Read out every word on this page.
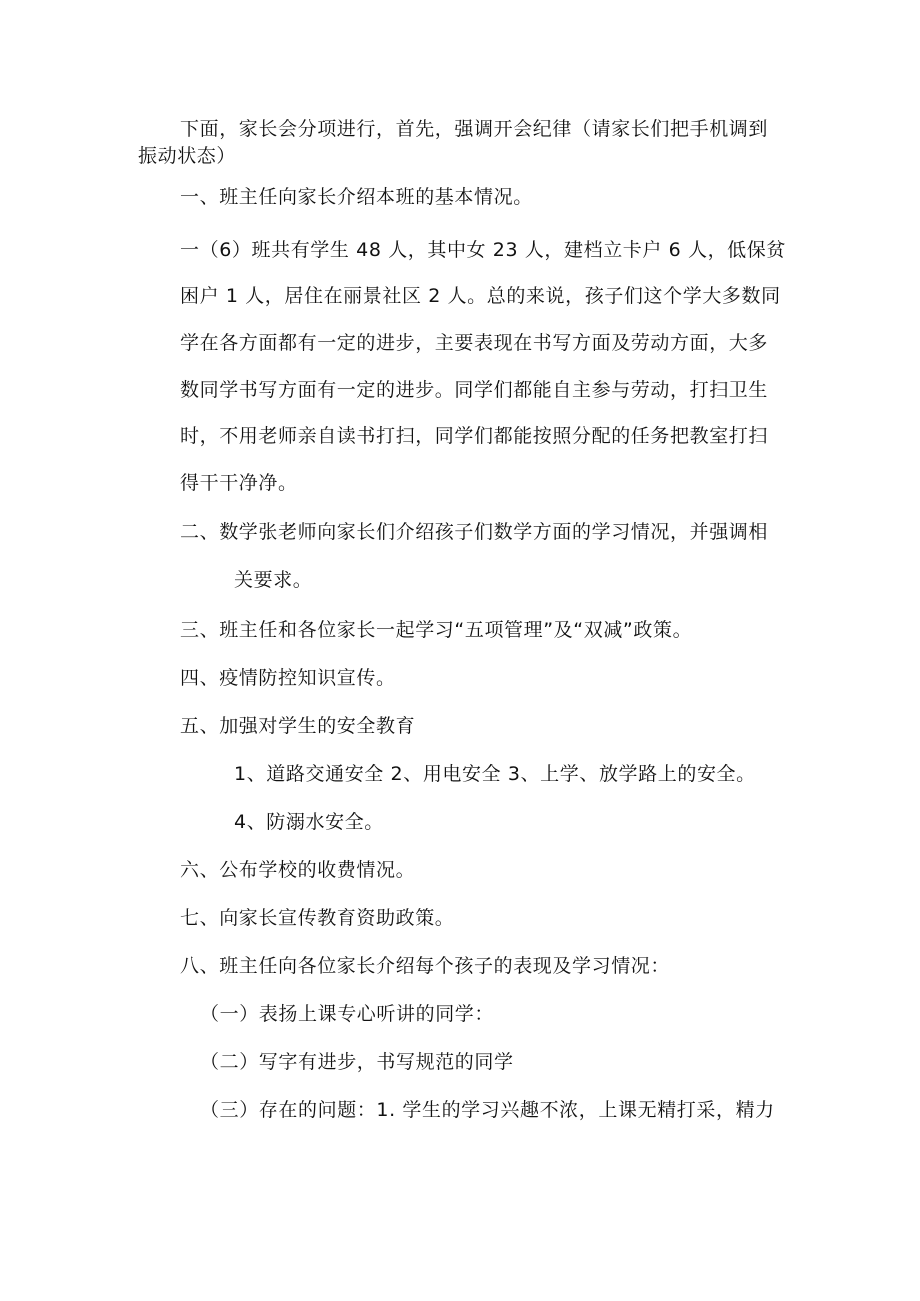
下面，家长会分项进行，首先，强调开会纪律（请家长们把手机调到
振动状态）
一、班主任向家长介绍本班的基本情况。
一（6）班共有学生 48 人，其中女 23 人，建档立卡户 6 人，低保贫
困户 1 人，居住在丽景社区 2 人。总的来说，孩子们这个学大多数同
学在各方面都有一定的进步，主要表现在书写方面及劳动方面，大多
数同学书写方面有一定的进步。同学们都能自主参与劳动，打扫卫生
时，不用老师亲自读书打扫，同学们都能按照分配的任务把教室打扫
得干干净净。
二、数学张老师向家长们介绍孩子们数学方面的学习情况，并强调相
关要求。
三、班主任和各位家长一起学习“五项管理”及“双减”政策。
四、疫情防控知识宣传。
五、加强对学生的安全教育
1、道路交通安全 2、用电安全 3、上学、放学路上的安全。
4、防溺水安全。
六、公布学校的收费情况。
七、向家长宣传教育资助政策。
八、班主任向各位家长介绍每个孩子的表现及学习情况：
（一）表扬上课专心听讲的同学：
（二）写字有进步，书写规范的同学
（三）存在的问题：1. 学生的学习兴趣不浓，上课无精打采，精力
